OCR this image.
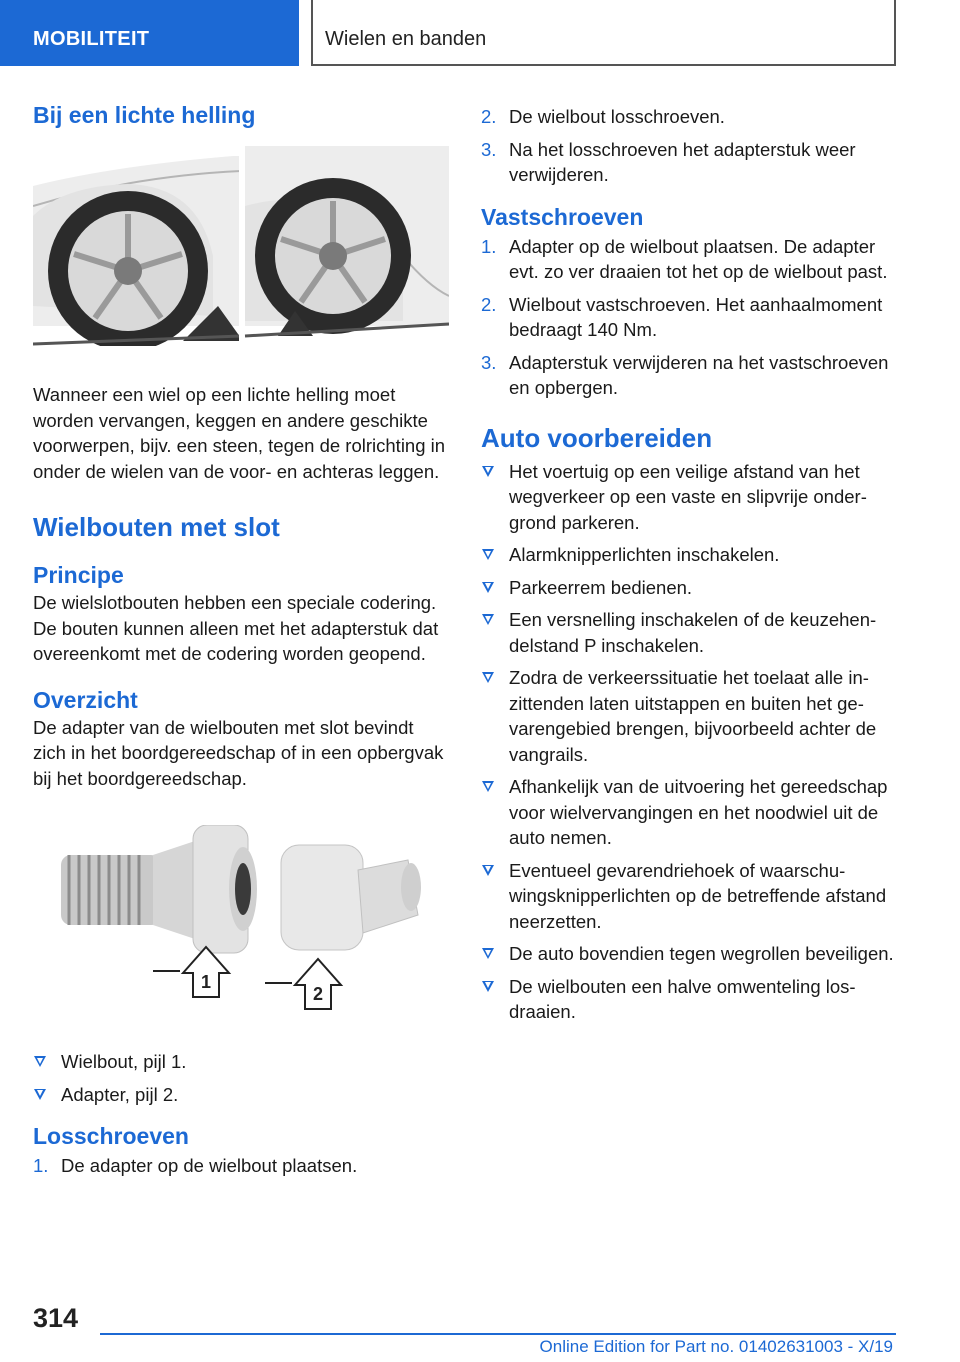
MOBILITEIT	Wielen en banden
Bij een lichte helling

Wanneer een wiel op een lichte helling moet worden vervangen, keggen en andere geschikte voorwerpen, bijv. een steen, tegen de rolrichting in onder de wielen van de voor- en achteras leggen.

Wielbouten met slot
Principe

De wielslotbouten hebben een speciale codering. De bouten kunnen alleen met het adapterstuk dat overeenkomt met de codering worden geopend.

Overzicht

De adapter van de wielbouten met slot bevindt zich in het boordgereedschap of in een opbergvak bij het boordgereedschap.

1
2
Wielbout, pijl 1.
Adapter, pijl 2.
Losschroeven
1. De adapter op de wielbout plaatsen.
2. De wielbout losschroeven.
3. Na het losschroeven het adapterstuk weer verwijderen.
Vastschroeven
1. Adapter op de wielbout plaatsen. De adapter evt. zo ver draaien tot het op de wielbout past.
2. Wielbout vastschroeven. Het aanhaalmoment bedraagt 140 Nm.
3. Adapterstuk verwijderen na het vastschroeven en opbergen.
Auto voorbereiden
Het voertuig op een veilige afstand van het wegverkeer op een vaste en slipvrije ondergrond parkeren.
Alarmknipperlichten inschakelen.
Parkeerrem bedienen.
Een versnelling inschakelen of de keuzehendelstand P inschakelen.
Zodra de verkeerssituatie het toelaat alle inzittenden laten uitstappen en buiten het gevarengebied brengen, bijvoorbeeld achter de vangrails.
Afhankelijk van de uitvoering het gereedschap voor wielvervangingen en het noodwiel uit de auto nemen.
Eventueel gevarendriehoek of waarschuwingsknipperlichten op de betreffende afstand neerzetten.
De auto bovendien tegen wegrollen beveiligen.
De wielbouten een halve omwenteling losdraaien.
314
Online Edition for Part no. 01402631003 - X/19
